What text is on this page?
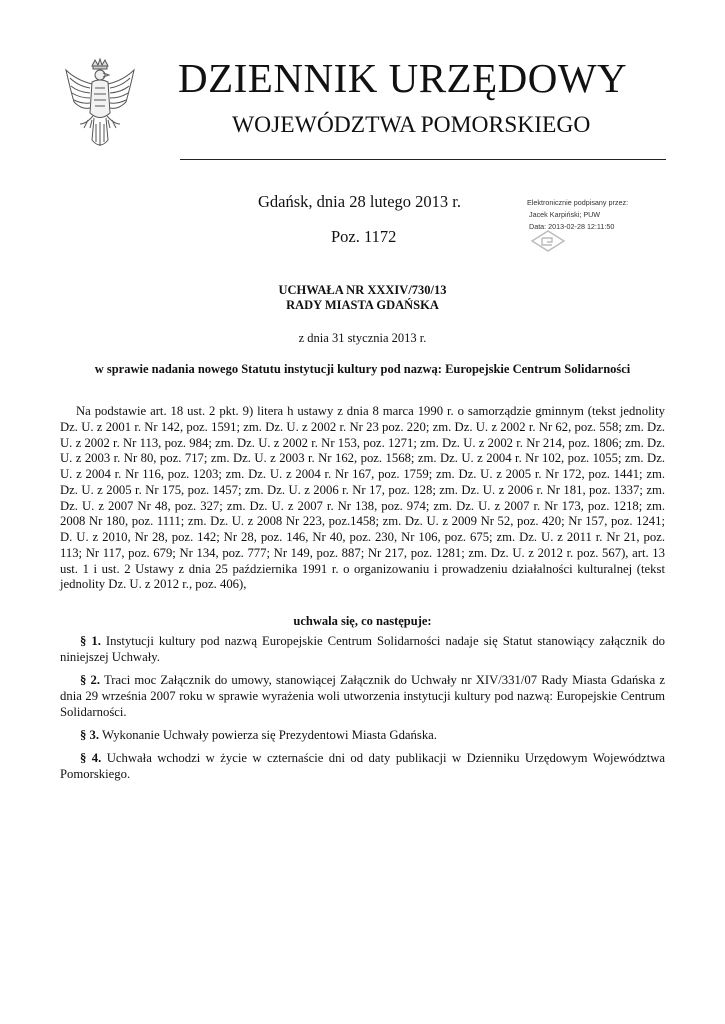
DZIENNIK URZĘDOWY
WOJEWÓDZTWA POMORSKIEGO
Gdańsk, dnia 28 lutego 2013 r.
Poz. 1172
Elektronicznie podpisany przez:
Jacek Karpiński; PUW
Data: 2013-02-28 12:11:50
UCHWAŁA NR XXXIV/730/13
RADY MIASTA GDAŃSKA
z dnia 31 stycznia 2013 r.
w sprawie nadania nowego Statutu instytucji kultury pod nazwą: Europejskie Centrum Solidarności

Na podstawie art. 18 ust. 2 pkt. 9) litera h ustawy z dnia 8 marca 1990 r. o samorządzie gminnym (tekst jednolity Dz. U. z 2001 r. Nr 142, poz. 1591; zm. Dz. U. z 2002 r. Nr 23 poz. 220; zm. Dz. U. z 2002 r. Nr 62, poz. 558; zm. Dz. U. z 2002 r. Nr 113, poz. 984; zm. Dz. U. z 2002 r. Nr 153, poz. 1271; zm. Dz. U. z 2002 r. Nr 214, poz. 1806; zm. Dz. U. z 2003 r. Nr 80, poz. 717; zm. Dz. U. z 2003 r. Nr 162, poz. 1568; zm. Dz. U. z 2004 r. Nr 102, poz. 1055; zm. Dz. U. z 2004 r. Nr 116, poz. 1203; zm. Dz. U. z 2004 r. Nr 167, poz. 1759; zm. Dz. U. z 2005 r. Nr 172, poz. 1441; zm. Dz. U. z 2005 r. Nr 175, poz. 1457; zm. Dz. U. z 2006 r. Nr 17, poz. 128; zm. Dz. U. z 2006 r. Nr 181, poz. 1337; zm. Dz. U. z 2007 Nr 48, poz. 327; zm. Dz. U. z 2007 r. Nr 138, poz. 974; zm. Dz. U. z 2007 r. Nr 173, poz. 1218; zm. 2008 Nr 180, poz. 1111; zm. Dz. U. z 2008 Nr 223, poz.1458; zm. Dz. U. z 2009 Nr 52, poz. 420; Nr 157, poz. 1241; D. U. z 2010, Nr 28, poz. 142; Nr 28, poz. 146, Nr 40, poz. 230, Nr 106, poz. 675; zm. Dz. U. z 2011 r. Nr 21, poz. 113; Nr 117, poz. 679; Nr 134, poz. 777; Nr 149, poz. 887; Nr 217, poz. 1281; zm. Dz. U. z 2012 r. poz. 567), art. 13 ust. 1 i ust. 2 Ustawy z dnia 25 października 1991 r. o organizowaniu i prowadzeniu działalności kulturalnej (tekst jednolity Dz. U. z 2012 r., poz. 406),

uchwala się, co następuje:

§ 1. Instytucji kultury pod nazwą Europejskie Centrum Solidarności nadaje się Statut stanowiący załącznik do niniejszej Uchwały.

§ 2. Traci moc Załącznik do umowy, stanowiącej Załącznik do Uchwały nr XIV/331/07 Rady Miasta Gdańska z dnia 29 września 2007 roku w sprawie wyrażenia woli utworzenia instytucji kultury pod nazwą: Europejskie Centrum Solidarności.

§ 3. Wykonanie Uchwały powierza się Prezydentowi Miasta Gdańska.

§ 4. Uchwała wchodzi w życie w czternaście dni od daty publikacji w Dzienniku Urzędowym Województwa Pomorskiego.
